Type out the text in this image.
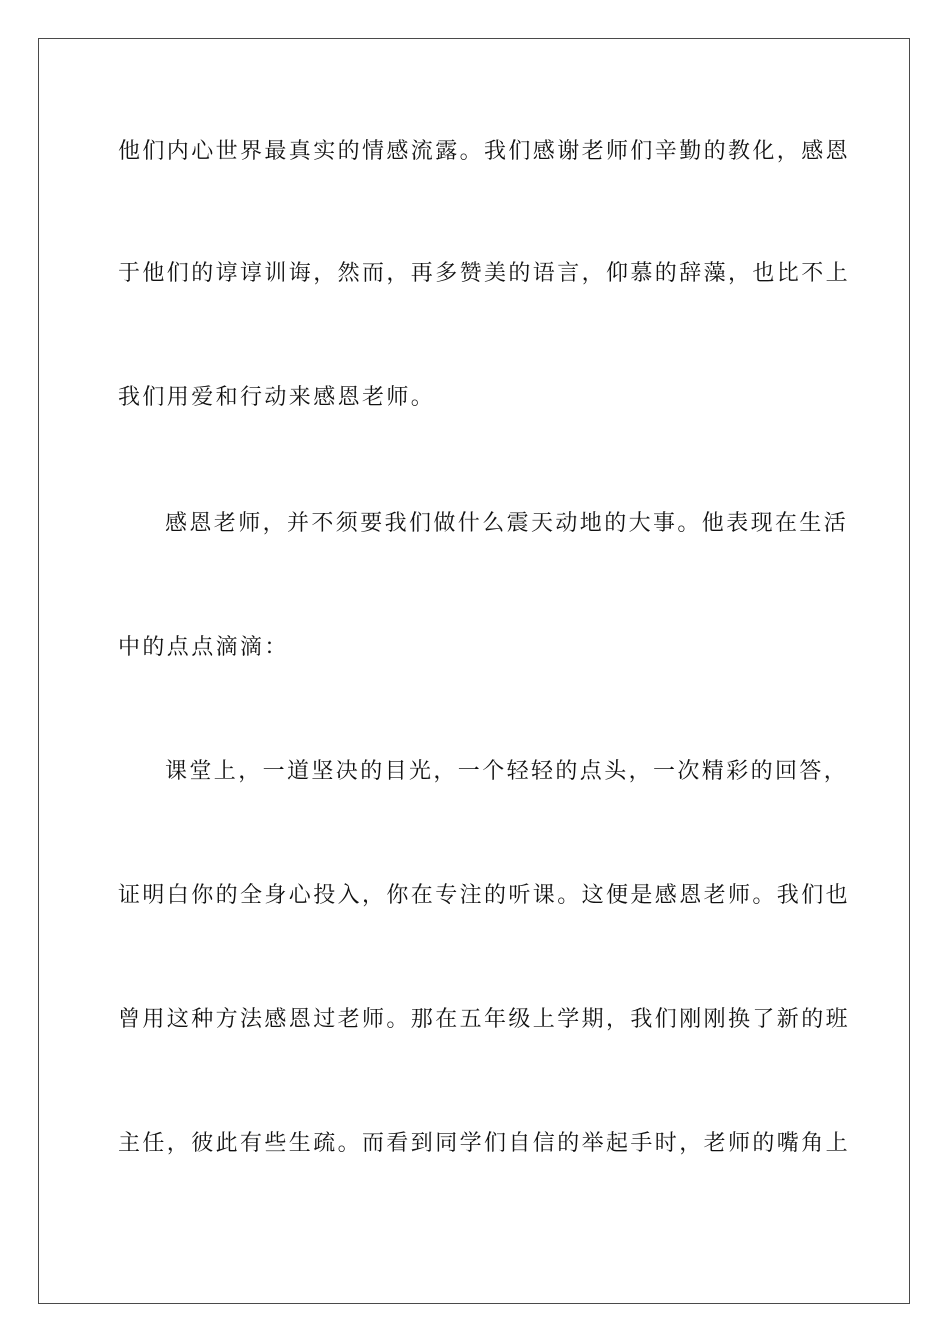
他们内心世界最真实的情感流露。我们感谢老师们辛勤的教化，感恩
于他们的谆谆训诲，然而，再多赞美的语言，仰慕的辞藻，也比不上
我们用爱和行动来感恩老师。
感恩老师，并不须要我们做什么震天动地的大事。他表现在生活
中的点点滴滴：
课堂上，一道坚决的目光，一个轻轻的点头，一次精彩的回答，
证明白你的全身心投入，你在专注的听课。这便是感恩老师。我们也
曾用这种方法感恩过老师。那在五年级上学期，我们刚刚换了新的班
主任，彼此有些生疏。而看到同学们自信的举起手时，老师的嘴角上
